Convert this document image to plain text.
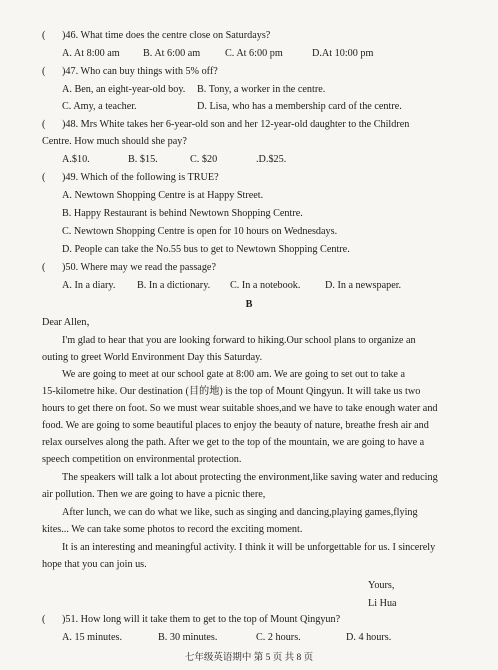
( )46. What time does the centre close on Saturdays?
A. At 8:00 am B. At 6:00 am C. At 6:00 pm	D.At 10:00 pm
( )47. Who can buy things with 5% off?
A. Ben, an eight-year-old boy. B. Tony, a worker in the centre.
C. Amy, a teacher.	D. Lisa, who has a membership card of the centre.
( )48. Mrs White takes her 6-year-old son and her 12-year-old daughter to the Children
Centre. How much should she pay?
A.$10.	B. $15.	C. $20	.D.$25.
( )49. Which of the following is TRUE?
A. Newtown Shopping Centre is at Happy Street.
B. Happy Restaurant is behind Newtown Shopping Centre.
C. Newtown Shopping Centre is open for 10 hours on Wednesdays.
D. People can take the No.55 bus to get to Newtown Shopping Centre.
( )50. Where may we read the passage?
A. In a diary. B. In a dictionary. C. In a notebook. D. In a newspaper.
B
Dear Allen，
I'm glad to hear that you are looking forward to hiking.Our school plans to organize an
outing to greet World Environment Day this Saturday.
We are going to meet at our school gate at 8:00 am. We are going to set out to take a
15-kilometre hike. Our destination (目的地) is the top of Mount Qingyun. It will take us two
hours to get there on foot. So we must wear suitable shoes,and we have to take enough water and
food. We are going to some beautiful places to enjoy the beauty of nature, breathe fresh air and
relax ourselves along the path. After we get to the top of the mountain, we are going to have a
speech competition on environmental protection.
The speakers will talk a lot about protecting the environment,like saving water and reducing
air pollution. Then we are going to have a picnic there,
After lunch, we can do what we like, such as singing and dancing,playing games,flying
kites... We can take some photos to record the exciting moment.
It is an interesting and meaningful activity. I think it will be unforgettable for us. I sincerely
hope that you can join us.
Yours,
Li Hua
( )51. How long will it take them to get to the top of Mount Qingyun?
A. 15 minutes.	B. 30 minutes.	C. 2 hours.	D. 4 hours.
七年级英语期中 第 5 页 共 8 页
